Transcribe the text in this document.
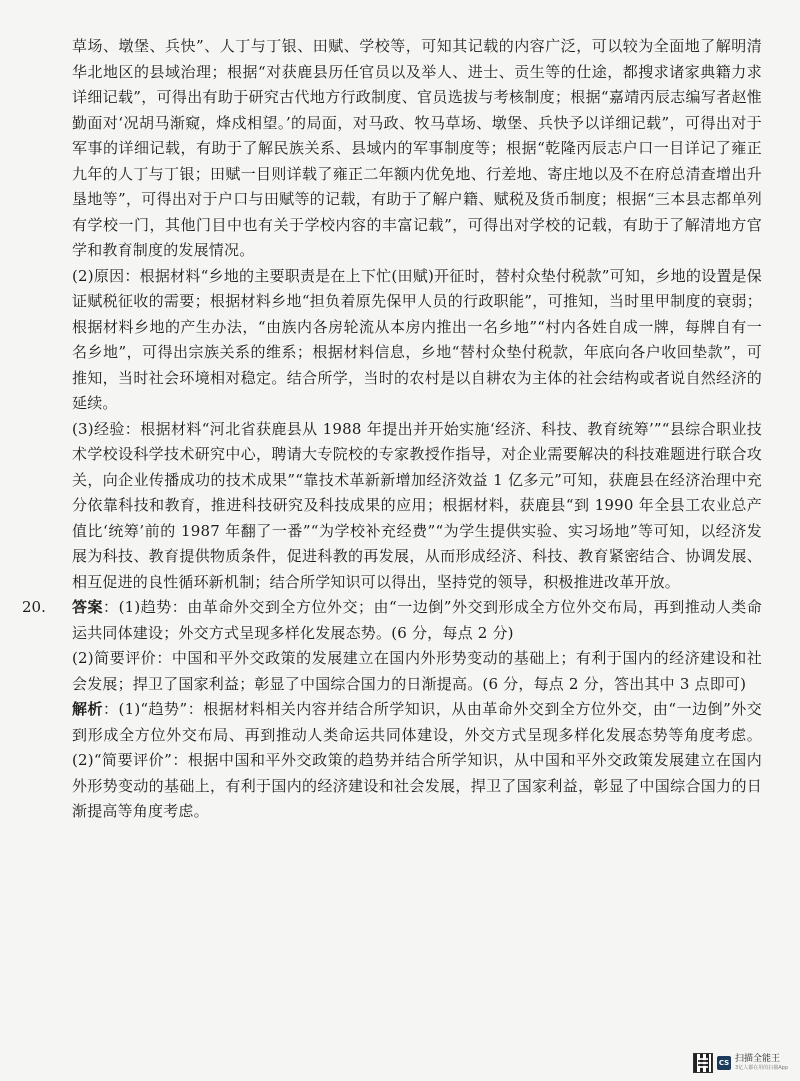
草场、墩堡、兵快”、人丁与丁银、田赋、学校等，可知其记载的内容广泛，可以较为全面地了解明清华北地区的县域治理；根据“对获鹿县历任官员以及举人、进士、贡生等的仕途，都搜求诸家典籍力求详细记载”，可得出有助于研究古代地方行政制度、官员选拔与考核制度；根据“嘉靖丙辰志编写者赵惟勤面对‘况胡马渐窥，烽戍相望。’的局面，对马政、牧马草场、墩堡、兵快予以详细记载”，可得出对于军事的详细记载，有助于了解民族关系、县域内的军事制度等；根据“乾隆丙辰志户口一目详记了雍正九年的人丁与丁银；田赋一目则详载了雍正二年额内优免地、行差地、寄庄地以及不在府总清查增出升垦地等”，可得出对于户口与田赋等的记载，有助于了解户籍、赋税及货币制度；根据“三本县志都单列有学校一门，其他门目中也有关于学校内容的丰富记载”，可得出对学校的记载，有助于了解清地方官学和教育制度的发展情况。

(2)原因：根据材料“乡地的主要职责是在上下忙(田赋)开征时，替村众垫付税款”可知，乡地的设置是保证赋税征收的需要；根据材料乡地“担负着原先保甲人员的行政职能”，可推知，当时里甲制度的衰弱；根据材料乡地的产生办法，“由族内各房轮流从本房内推出一名乡地”“村内各姓自成一牌，每牌自有一名乡地”，可得出宗族关系的维系；根据材料信息，乡地“替村众垫付税款，年底向各户收回垫款”，可推知，当时社会环境相对稳定。结合所学，当时的农村是以自耕农为主体的社会结构或者说自然经济的延续。

(3)经验：根据材料“河北省获鹿县从 1988 年提出并开始实施‘经济、科技、教育统筹’”“县综合职业技术学校设科学技术研究中心，聘请大专院校的专家教授作指导，对企业需要解决的科技难题进行联合攻关，向企业传播成功的技术成果”“靠技术革新新增加经济效益 1 亿多元”可知，获鹿县在经济治理中充分依靠科技和教育，推进科技研究及科技成果的应用；根据材料，获鹿县“到 1990 年全县工农业总产值比‘统筹’前的 1987 年翻了一番”“为学校补充经费”“为学生提供实验、实习场地”等可知，以经济发展为科技、教育提供物质条件，促进科教的再发展，从而形成经济、科技、教育紧密结合、协调发展、相互促进的良性循环新机制；结合所学知识可以得出，坚持党的领导，积极推进改革开放。

20. 答案：(1)趋势：由革命外交到全方位外交；由“一边倒”外交到形成全方位外交布局，再到推动人类命运共同体建设；外交方式呈现多样化发展态势。(6 分，每点 2 分)

(2)简要评价：中国和平外交政策的发展建立在国内外形势变动的基础上；有利于国内的经济建设和社会发展；捍卫了国家利益；彰显了中国综合国力的日渐提高。(6 分，每点 2 分，答出其中 3 点即可)

解析：(1)“趋势”：根据材料相关内容并结合所学知识，从由革命外交到全方位外交，由“一边倒”外交到形成全方位外交布局、再到推动人类命运共同体建设，外交方式呈现多样化发展态势等角度考虑。(2)“简要评价”：根据中国和平外交政策的趋势并结合所学知识，从中国和平外交政策发展建立在国内外形势变动的基础上，有利于国内的经济建设和社会发展，捍卫了国家利益，彰显了中国综合国力的日渐提高等角度考虑。

CS 扫描全能王
3亿人都在用的扫描App
